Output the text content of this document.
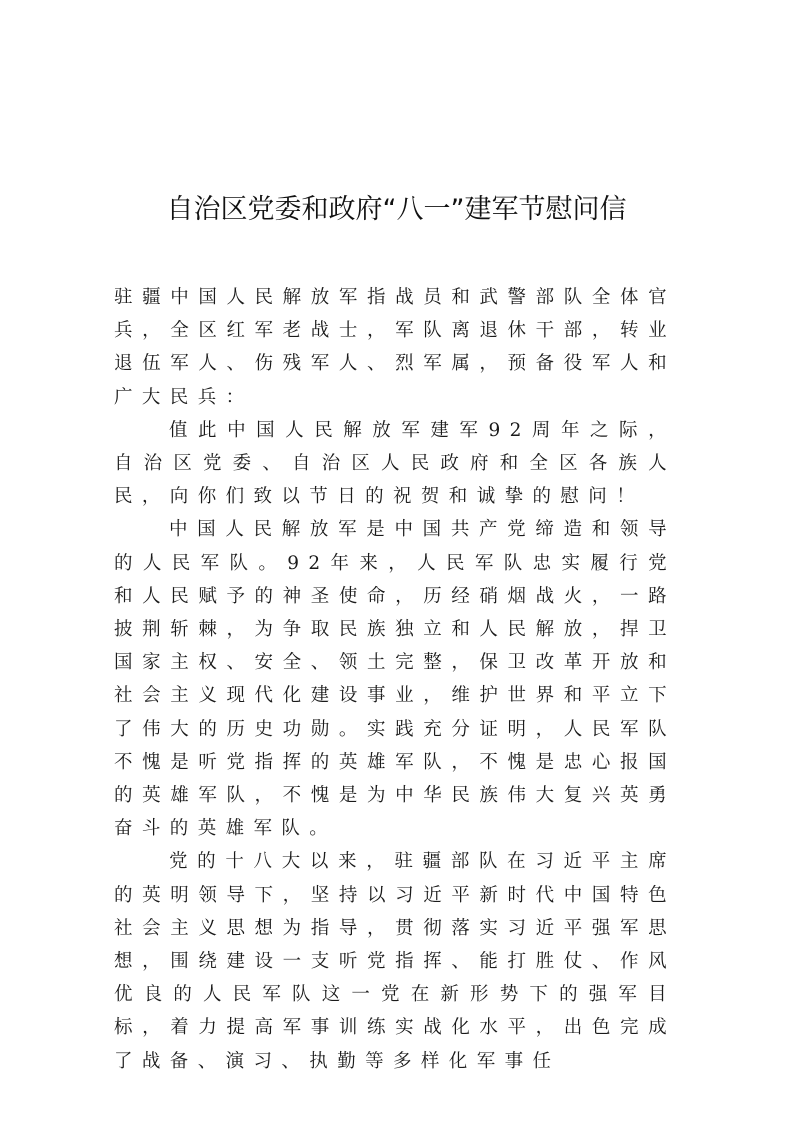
自治区党委和政府“八一”建军节慰问信

驻疆中国人民解放军指战员和武警部队全体官兵，全区红军老战士，军队离退休干部，转业退伍军人、伤残军人、烈军属，预备役军人和广大民兵：

值此中国人民解放军建军92周年之际，自治区党委、自治区人民政府和全区各族人民，向你们致以节日的祝贺和诚挚的慰问！

中国人民解放军是中国共产党缔造和领导的人民军队。92年来，人民军队忠实履行党和人民赋予的神圣使命，历经硝烟战火，一路披荆斩棘，为争取民族独立和人民解放，捍卫国家主权、安全、领土完整，保卫改革开放和社会主义现代化建设事业，维护世界和平立下了伟大的历史功勋。实践充分证明，人民军队不愧是听党指挥的英雄军队，不愧是忠心报国的英雄军队，不愧是为中华民族伟大复兴英勇奋斗的英雄军队。

党的十八大以来，驻疆部队在习近平主席的英明领导下，坚持以习近平新时代中国特色社会主义思想为指导，贯彻落实习近平强军思想，围绕建设一支听党指挥、能打胜仗、作风优良的人民军队这一党在新形势下的强军目标，着力提高军事训练实战化水平，出色完成了战备、演习、执勤等多样化军事任
